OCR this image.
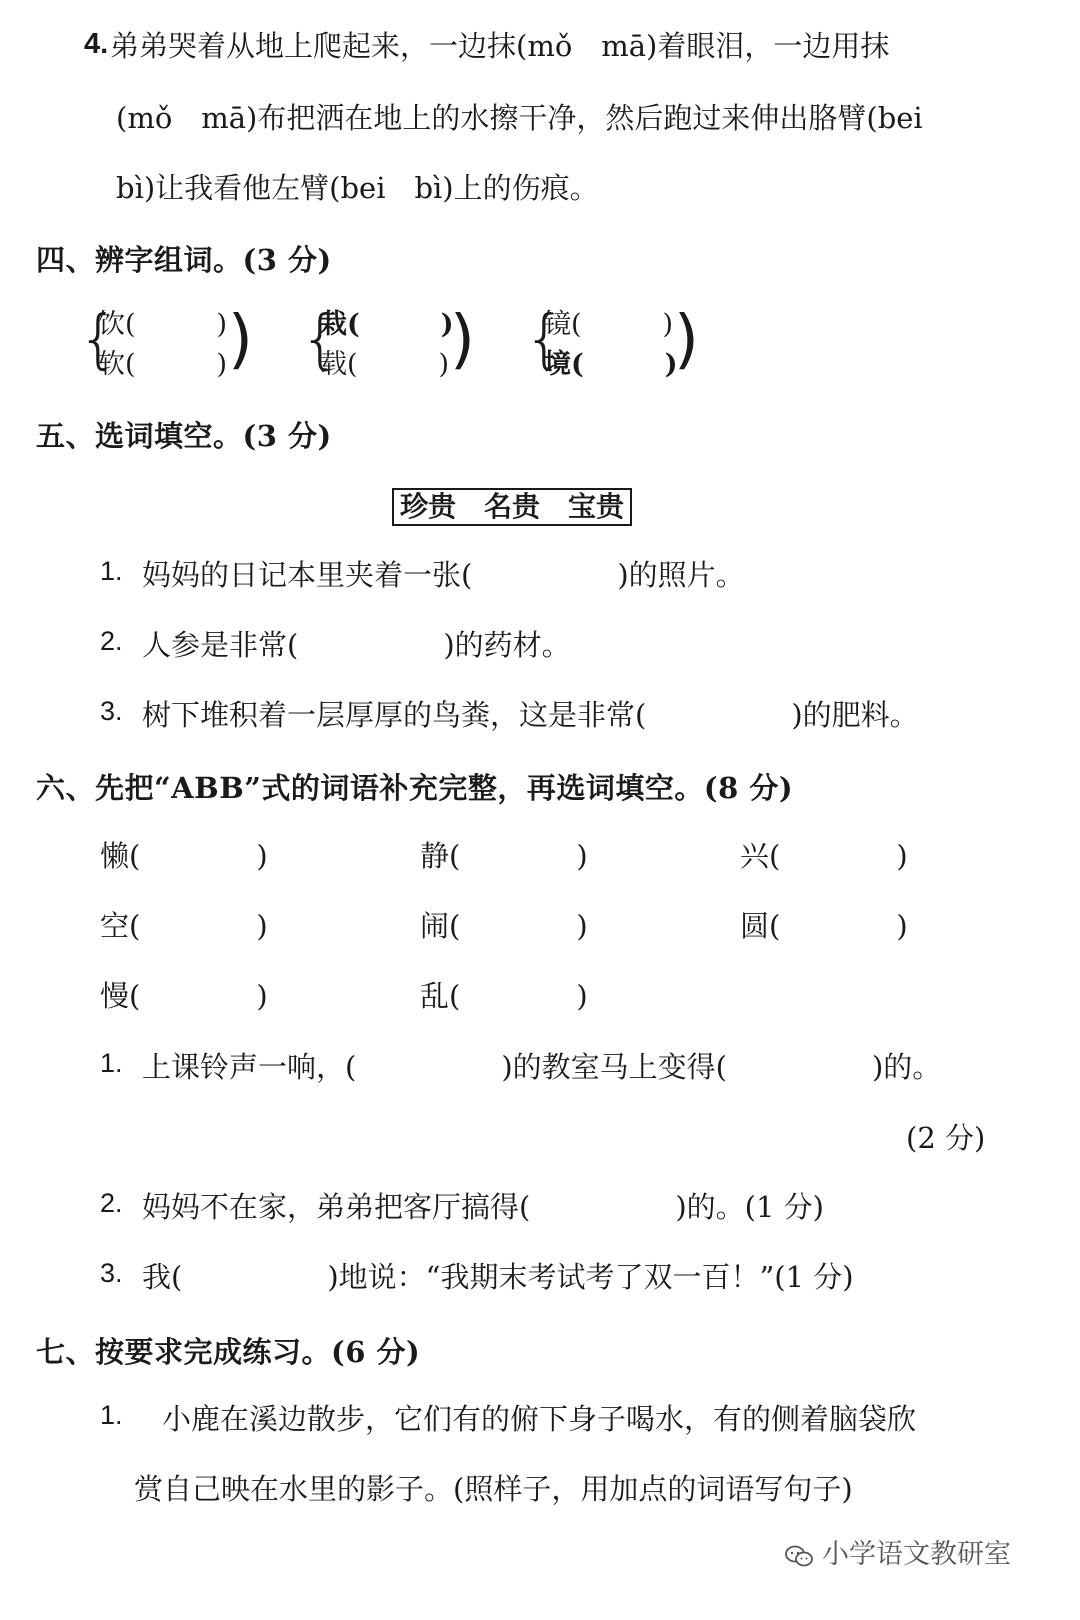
4. 弟弟哭着从地上爬起来，一边抹(mǒ　mā)着眼泪，一边用抹
(mǒ　mā)布把洒在地上的水擦干净，然后跑过来伸出胳臂(bei
bì)让我看他左臂(bei　bì)上的伤痕。
四、辨字组词。(3 分)
{
饮(　　　)
软(　　　) ) {
栽(　　　)
载(　　　) ) {
镜(　　　)
境(　　　)
)
五、选词填空。(3 分)
珍贵　名贵　宝贵
1. 妈妈的日记本里夹着一张(　　　　　)的照片。
2. 人参是非常(　　　　　)的药材。
3. 树下堆积着一层厚厚的鸟粪，这是非常(　　　　　)的肥料。
六、先把“ABB”式的词语补充完整，再选词填空。(8 分)
懒(　　　　)	静(　　　　)	兴(　　　　)
空(　　　　)	闹(　　　　)	圆(　　　　)
慢(　　　　)	乱(　　　　)
1. 上课铃声一响，(　　　　　)的教室马上变得(　　　　　)的。
(2 分)
2. 妈妈不在家，弟弟把客厅搞得(　　　　　)的。(1 分)
3. 我(　　　　　)地说：“我期末考试考了双一百！”(1 分)
七、按要求完成练习。(6 分)
1. 小鹿在溪边散步，它们有的俯下身子喝水，有的侧着脑袋欣
赏自己映在水里的影子。(照样子，用加点的词语写句子)
小学语文教研室
